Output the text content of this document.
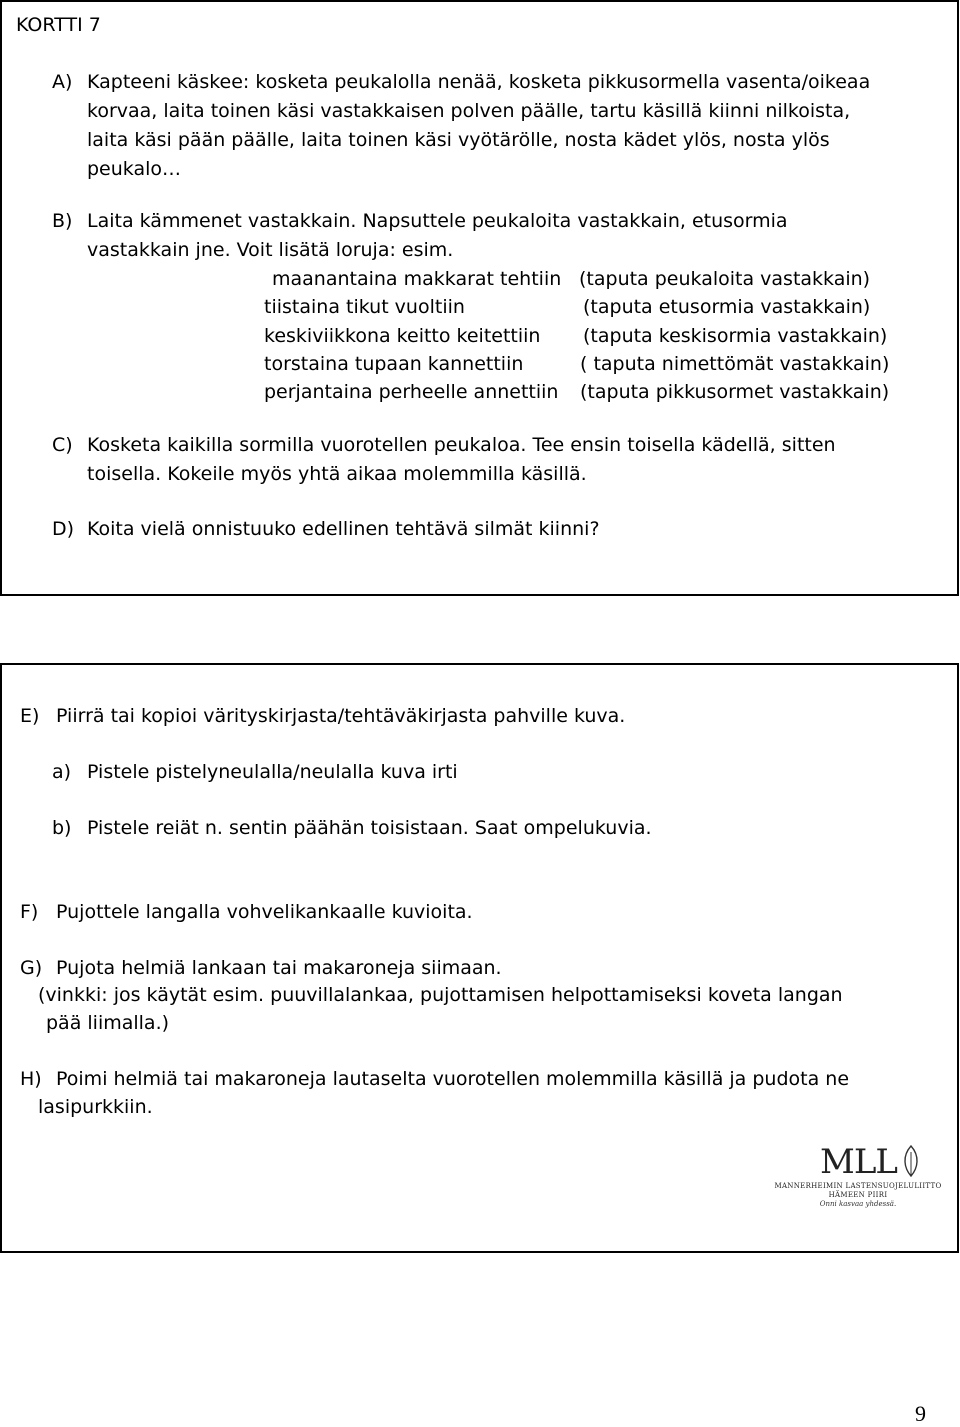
KORTTI 7
A) Kapteeni käskee: kosketa peukalolla nenää, kosketa pikkusormella vasenta/oikeaa
korvaa, laita toinen käsi vastakkaisen polven päälle, tartu käsillä kiinni nilkoista,
laita käsi pään päälle, laita toinen käsi vyötärölle, nosta kädet ylös, nosta ylös
peukalo…
B) Laita kämmenet vastakkain. Napsuttele peukaloita vastakkain, etusormia
vastakkain jne. Voit lisätä loruja: esim.
maanantaina makkarat tehtiin (taputa peukaloita vastakkain)
tiistaina tikut vuoltiin	(taputa etusormia vastakkain)
keskiviikkona keitto keitettiin (taputa keskisormia vastakkain)
torstaina tupaan kannettiin	( taputa nimettömät vastakkain)
perjantaina perheelle annettiin (taputa pikkusormet vastakkain)
C) Kosketa kaikilla sormilla vuorotellen peukaloa. Tee ensin toisella kädellä, sitten
toisella. Kokeile myös yhtä aikaa molemmilla käsillä.
D) Koita vielä onnistuuko edellinen tehtävä silmät kiinni?
E) Piirrä tai kopioi värityskirjasta/tehtäväkirjasta pahville kuva.
a) Pistele pistelyneulalla/neulalla kuva irti
b) Pistele reiät n. sentin päähän toisistaan. Saat ompelukuvia.
F) Pujottele langalla vohvelikankaalle kuvioita.
G) Pujota helmiä lankaan tai makaroneja siimaan.
(vinkki: jos käytät esim. puuvillalankaa, pujottamisen helpottamiseksi koveta langan
pää liimalla.)
H) Poimi helmiä tai makaroneja lautaselta vuorotellen molemmilla käsillä ja pudota ne
lasipurkkiin.
MLL
MANNERHEIMIN LASTENSUOJELULIITTO
HÄMEEN PIIRI
Onni kasvaa yhdessä.
9
